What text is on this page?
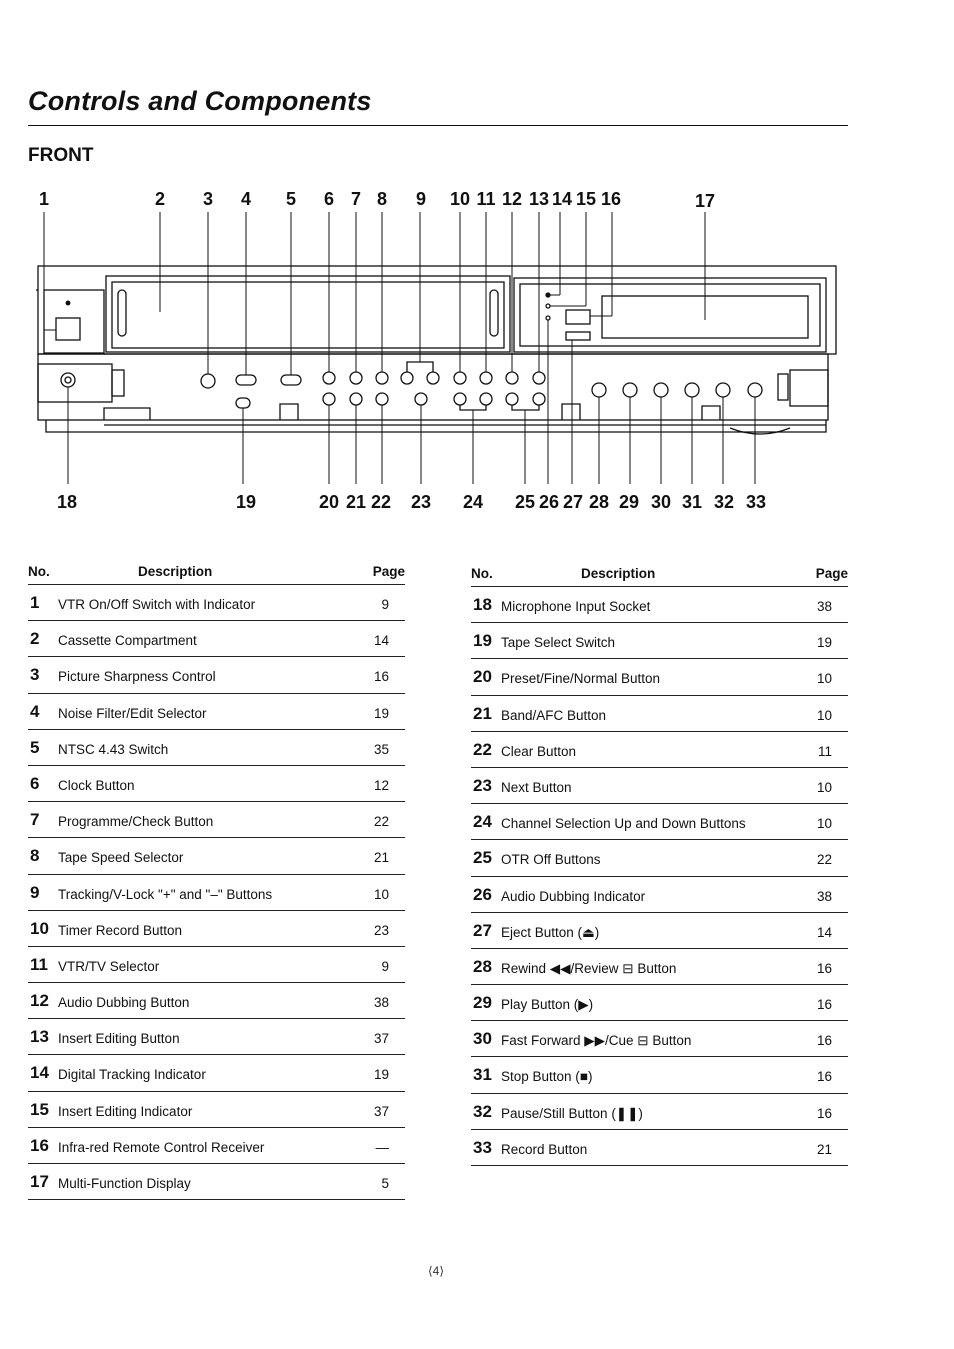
Controls and Components
FRONT
1	2 3 4 5 6 7 8 9 10 11 12 13 14 15 16	17
18	19	20 21 22 23 24 25 26 27 28 29 30 31 32 33
No.	Description	Page
1 VTR On/Off Switch with Indicator	9
2 Cassette Compartment	14
3 Picture Sharpness Control	16
4 Noise Filter/Edit Selector	19
5 NTSC 4.43 Switch	35
6 Clock Button	12
7 Programme/Check Button	22
8 Tape Speed Selector	21
9 Tracking/V-Lock "+" and "–" Buttons	10
10 Timer Record Button	23
11 VTR/TV Selector	9
12 Audio Dubbing Button	38
13 Insert Editing Button	37
14 Digital Tracking Indicator	19
15 Insert Editing Indicator	37
16 Infra-red Remote Control Receiver	—
17 Multi-Function Display	5
No.	Description	Page
18 Microphone Input Socket	38
19 Tape Select Switch	19
20 Preset/Fine/Normal Button	10
21 Band/AFC Button	10
22 Clear Button	11
23 Next Button	10
24 Channel Selection Up and Down Buttons	10
25 OTR Off Buttons	22
26 Audio Dubbing Indicator	38
27 Eject Button (⏏)	14
28 Rewind ◀◀/Review ⊟ Button	16
29 Play Button (▶)	16
30 Fast Forward ▶▶/Cue ⊟ Button	16
31 Stop Button (■)	16
32 Pause/Still Button (❚❚)	16
33 Record Button	21
⟨4⟩
